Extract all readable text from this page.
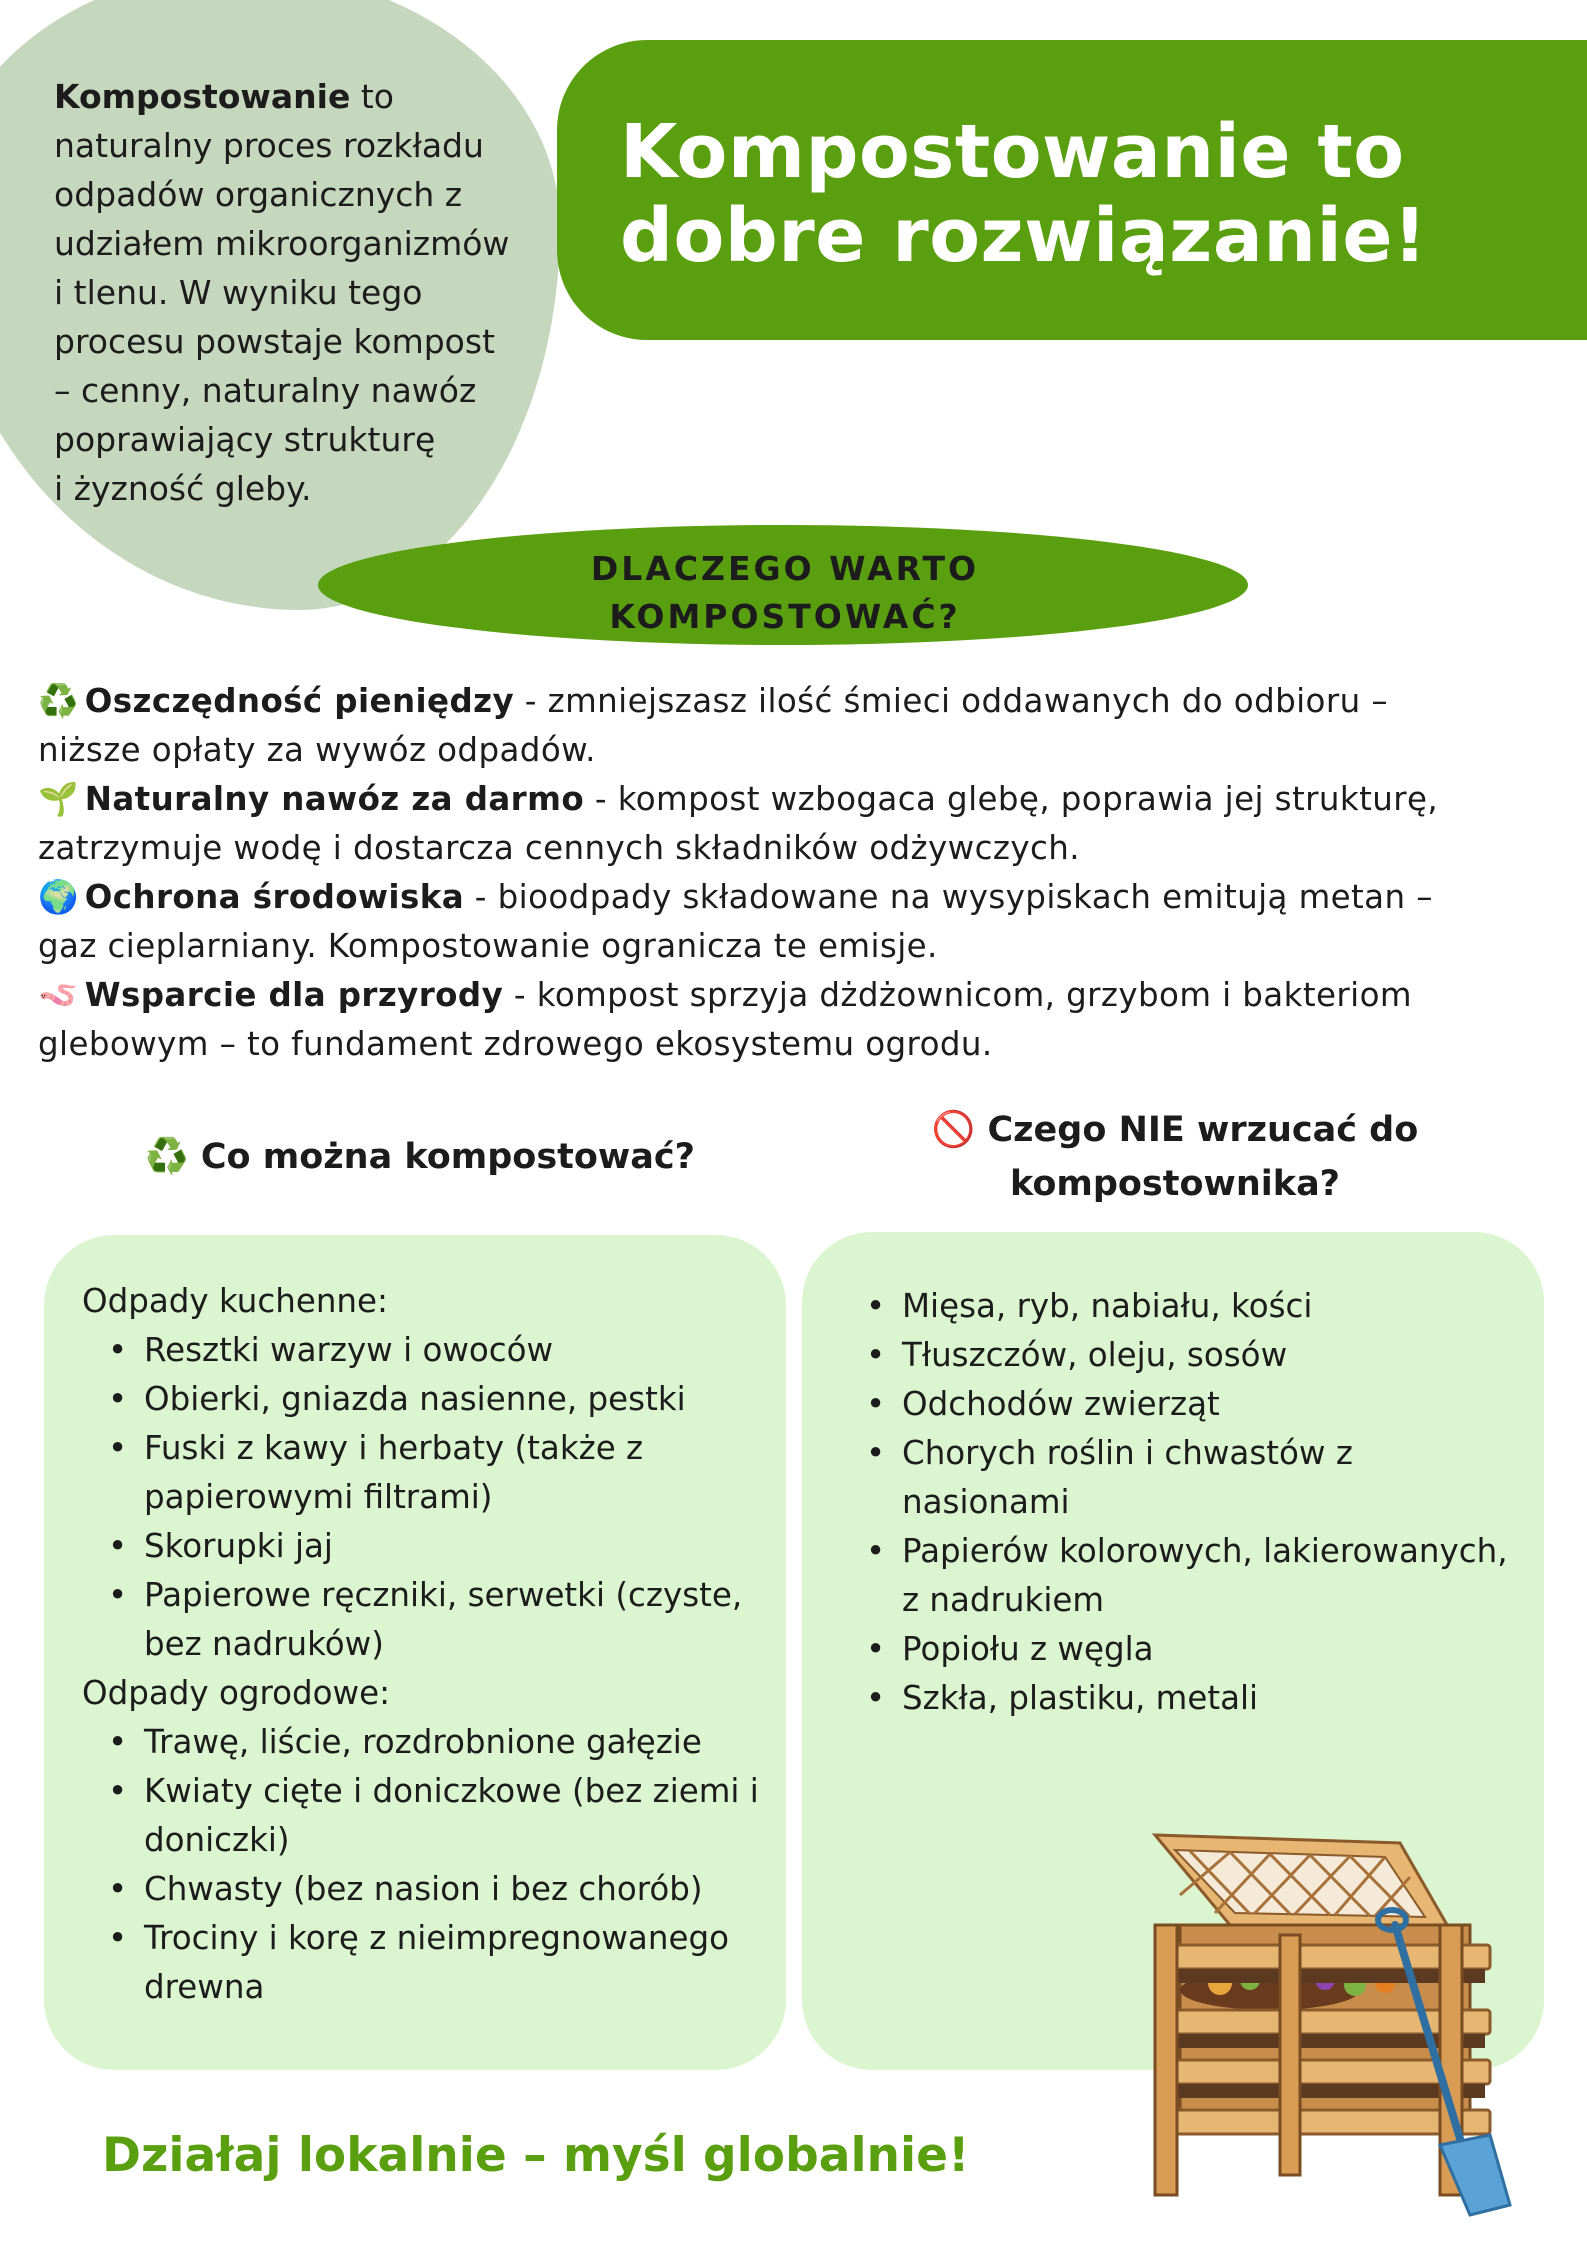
Kompostowanie to
naturalny proces rozkładu
odpadów organicznych z
udziałem mikroorganizmów
i tlenu. W wyniku tego
procesu powstaje kompost
– cenny, naturalny nawóz
poprawiający strukturę
i żyzność gleby.

Kompostowanie to
dobre rozwiązanie!
DLACZEGO WARTO
KOMPOSTOWAĆ?

♻️ Oszczędność pieniędzy - zmniejszasz ilość śmieci oddawanych do odbioru –
niższe opłaty za wywóz odpadów.

🌱 Naturalny nawóz za darmo - kompost wzbogaca glebę, poprawia jej strukturę,
zatrzymuje wodę i dostarcza cennych składników odżywczych.

🌍 Ochrona środowiska - bioodpady składowane na wysypiskach emitują metan –
gaz cieplarniany. Kompostowanie ogranicza te emisje.

🪱 Wsparcie dla przyrody - kompost sprzyja dżdżownicom, grzybom i bakteriom
glebowym – to fundament zdrowego ekosystemu ogrodu.

♻️ Co można kompostować?
🚫 Czego NIE wrzucać do
kompostownika?

Odpady kuchenne:

• Resztki warzyw i owoców
• Obierki, gniazda nasienne, pestki
• Fuski z kawy i herbaty (także z papierowymi filtrami)
• Skorupki jaj
• Papierowe ręczniki, serwetki (czyste, bez nadruków)

Odpady ogrodowe:

• Trawę, liście, rozdrobnione gałęzie
• Kwiaty cięte i doniczkowe (bez ziemi i doniczki)
• Chwasty (bez nasion i bez chorób)
• Trociny i korę z nieimpregnowanego drewna
• Mięsa, ryb, nabiału, kości
• Tłuszczów, oleju, sosów
• Odchodów zwierząt
• Chorych roślin i chwastów z nasionami
• Papierów kolorowych, lakierowanych, z nadrukiem
• Popiołu z węgla
• Szkła, plastiku, metali
Działaj lokalnie – myśl globalnie!
